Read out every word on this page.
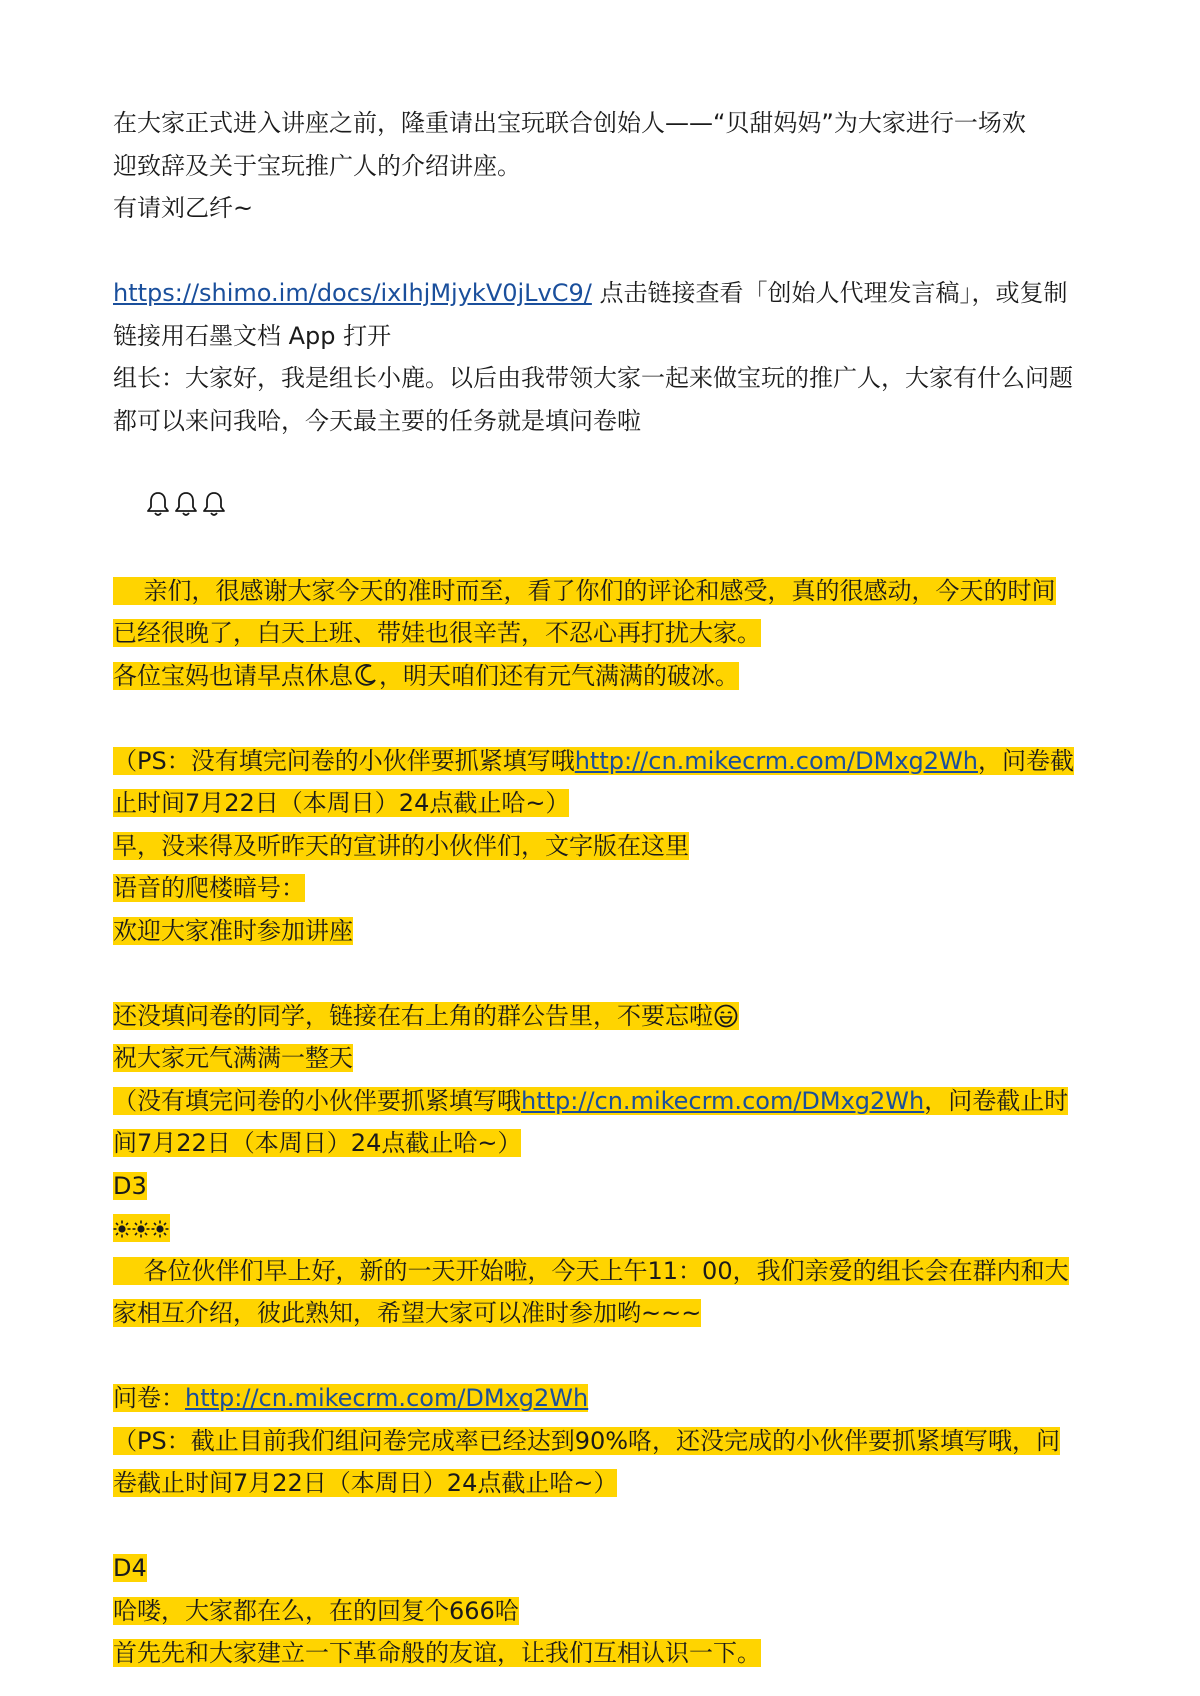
在大家正式进入讲座之前，隆重请出宝玩联合创始人——“贝甜妈妈”为大家进行一场欢

迎致辞及关于宝玩推广人的介绍讲座。

有请刘乙纤~

https://shimo.im/docs/ixIhjMjykV0jLvC9/ 点击链接查看「创始人代理发言稿」，或复制

链接用石墨文档 App 打开

组长：大家好，我是组长小鹿。以后由我带领大家一起来做宝玩的推广人，大家有什么问题

都可以来问我哈，今天最主要的任务就是填问卷啦

亲们，很感谢大家今天的准时而至，看了你们的评论和感受，真的很感动，今天的时间

已经很晚了，白天上班、带娃也很辛苦，不忍心再打扰大家。

各位宝妈也请早点休息 ，明天咱们还有元气满满的破冰。

（PS：没有填完问卷的小伙伴要抓紧填写哦http://cn.mikecrm.com/DMxg2Wh，问卷截

止时间7月22日（本周日）24点截止哈~）

早，没来得及听昨天的宣讲的小伙伴们，文字版在这里

语音的爬楼暗号：

欢迎大家准时参加讲座

还没填问卷的同学，链接在右上角的群公告里，不要忘啦

祝大家元气满满一整天

（没有填完问卷的小伙伴要抓紧填写哦http://cn.mikecrm.com/DMxg2Wh，问卷截止时

间7月22日（本周日）24点截止哈~）

D3

各位伙伴们早上好，新的一天开始啦，今天上午11：00，我们亲爱的组长会在群内和大

家相互介绍，彼此熟知，希望大家可以准时参加哟~~~

问卷：http://cn.mikecrm.com/DMxg2Wh

（PS：截止目前我们组问卷完成率已经达到90%咯，还没完成的小伙伴要抓紧填写哦，问

卷截止时间7月22日（本周日）24点截止哈~）

D4

哈喽，大家都在么，在的回复个666哈

首先先和大家建立一下革命般的友谊，让我们互相认识一下。
